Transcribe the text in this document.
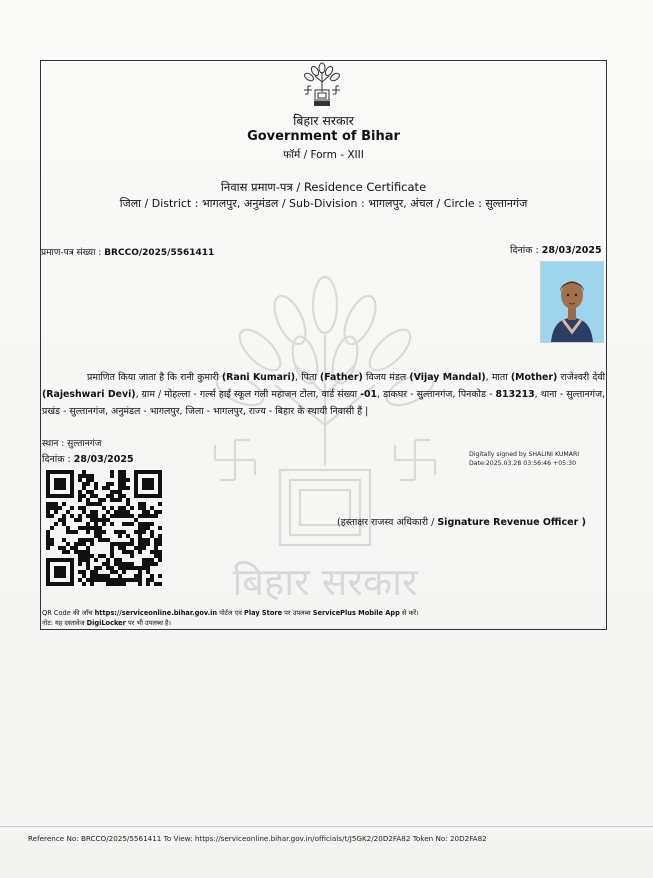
बिहार सरकार
बिहार सरकार
Government of Bihar
फॉर्म / Form - XIII
निवास प्रमाण-पत्र / Residence Certificate
जिला / District : भागलपुर, अनुमंडल / Sub-Division : भागलपुर, अंचल / Circle : सुल्तानगंज
प्रमाण-पत्र संख्या : BRCCO/2025/5561411	दिनांक : 28/03/2025
प्रमाणित किया जाता है कि रानी कुमारी (Rani Kumari), पिता (Father) विजय मंडल (Vijay Mandal), माता (Mother) राजेश्वरी देवी (Rajeshwari Devi), ग्राम / मोहल्ला - गर्ल्स हाई स्कूल गली महाजन टोला, वार्ड संख्या -01, डाकघर - सुल्तानगंज, पिनकोड - 813213, थाना - सुल्तानगंज, प्रखंड - सुल्तानगंज, अनुमंडल - भागलपुर, जिला - भागलपुर, राज्य - बिहार के स्थायी निवासी हैं |
स्थान : सुल्तानगंज
दिनांक : 28/03/2025	Digitally signed by SHALINI KUMARI
Date:2025.03.28 03:56:46 +05:30
(हस्ताक्षर राजस्व अधिकारी / Signature Revenue Officer )
QR Code की जाँच https://serviceonline.bihar.gov.in पोर्टल एवं Play Store पर उपलब्ध ServicePlus Mobile App से करें।
नोट: यह दस्तावेज DigiLocker पर भी उपलब्ध है।
Reference No: BRCCO/2025/5561411 To View: https://serviceonline.bihar.gov.in/officials/t/J5GK2/20D2FA82 Token No: 20D2FA82
